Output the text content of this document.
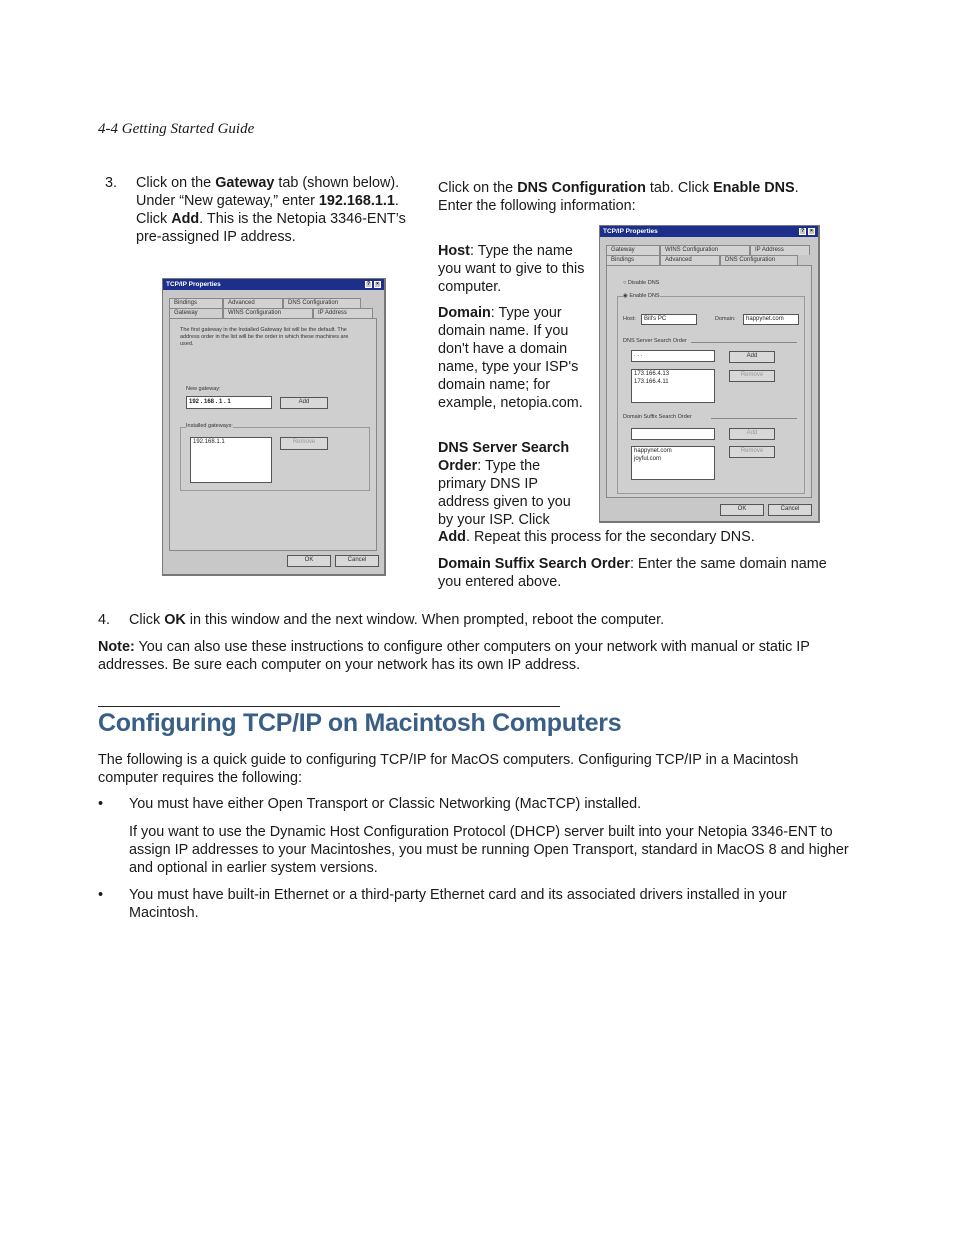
4-4 Getting Started Guide
3. Click on the Gateway tab (shown below). Under “New gateway,” enter 192.168.1.1. Click Add. This is the Netopia 3346-ENT’s pre-assigned IP address.

TCP/IP Properties	?	×
Bindings	Advanced	DNS Configuration
Gateway	WINS Configuration	IP Address
The first gateway in the Installed Gateway list will be the default. The address order in the list will be the order in which these machines are used.
New gateway:
192 . 168 . 1 . 1	Add
Installed gateways:
192.168.1.1	Remove
OK	Cancel

Click on the DNS Configuration tab. Click Enable DNS. Enter the following information:

Host: Type the name you want to give to this computer.

Domain: Type your domain name. If you don't have a domain name, type your ISP's domain name; for example, netopia.com.

DNS Server Search Order: Type the primary DNS IP address given to you by your ISP. Click

Add. Repeat this process for the secondary DNS.

Domain Suffix Search Order: Enter the same domain name you entered above.

TCP/IP Properties	?	×
Gateway	WINS Configuration	IP Address
Bindings	Advanced	DNS Configuration
○ Disable DNS
◉ Enable DNS
Host:	Bill's PC	Domain:	happynet.com
DNS Server Search Order
. . .	Add
173.166.4.13
173.166.4.11
Remove
Domain Suffix Search Order
Add
happynet.com
joyful.com
Remove
OK	Cancel
4. Click OK in this window and the next window. When prompted, reboot the computer.

Note: You can also use these instructions to configure other computers on your network with manual or static IP addresses. Be sure each computer on your network has its own IP address.

Configuring TCP/IP on Macintosh Computers
The following is a quick guide to configuring TCP/IP for MacOS computers. Configuring TCP/IP in a Macintosh computer requires the following:
• You must have either Open Transport or Classic Networking (MacTCP) installed.
If you want to use the Dynamic Host Configuration Protocol (DHCP) server built into your Netopia 3346-ENT to assign IP addresses to your Macintoshes, you must be running Open Transport, standard in MacOS 8 and higher and optional in earlier system versions.
• You must have built-in Ethernet or a third-party Ethernet card and its associated drivers installed in your Macintosh.
